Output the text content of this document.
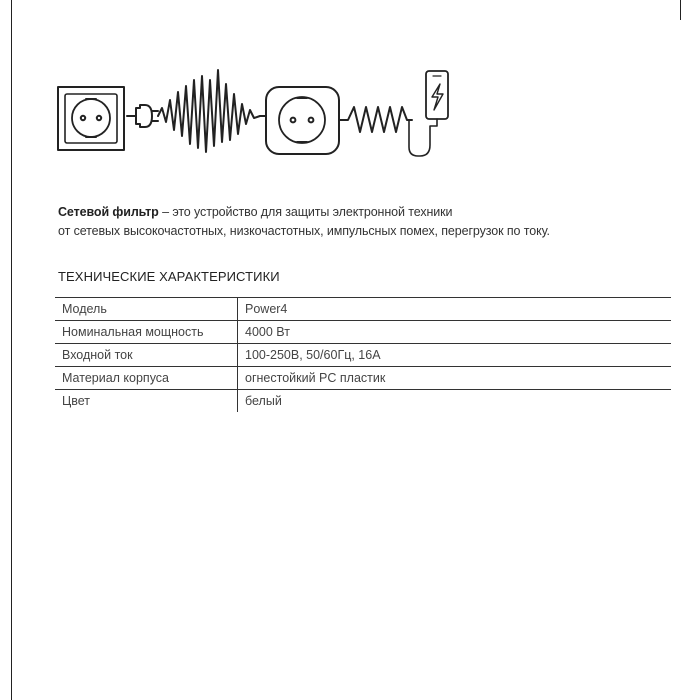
Сетевой фильтр – это устройство для защиты электронной техники
от сетевых высокочастотных, низкочастотных, импульсных помех, перегрузок по току.
ТЕХНИЧЕСКИЕ ХАРАКТЕРИСТИКИ
Модель	Power4
Номинальная мощность	4000 Вт
Входной ток	100-250В, 50/60Гц, 16А
Материал корпуса	огнестойкий PC пластик
Цвет	белый
